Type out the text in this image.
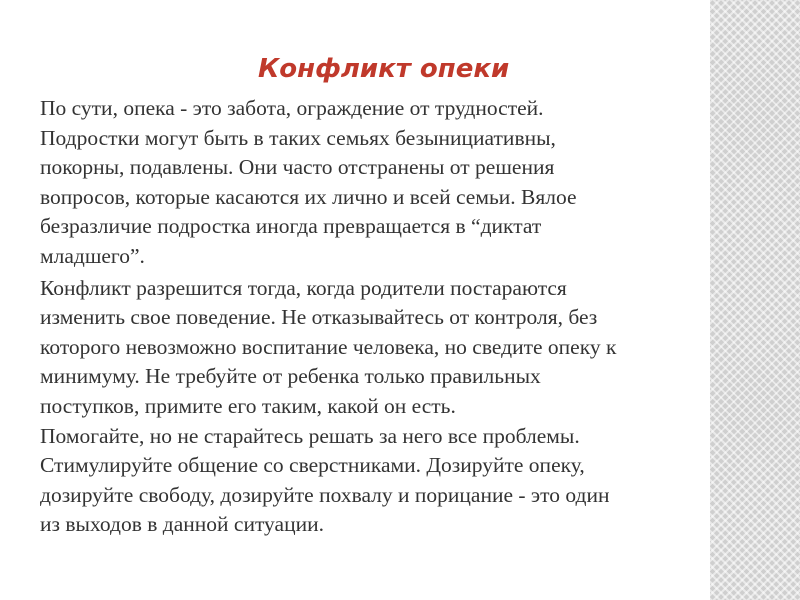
Конфликт опеки

По сути, опека - это забота, ограждение от трудностей.
Подростки могут быть в таких семьях безынициативны,
покорны, подавлены. Они часто отстранены от решения
вопросов, которые касаются их лично и всей семьи. Вялое
безразличие подростка иногда превращается в “диктат
младшего”.

Конфликт разрешится тогда, когда родители постараются
изменить свое поведение. Не отказывайтесь от контроля, без
которого невозможно воспитание человека, но сведите опеку к
минимуму. Не требуйте от ребенка только правильных
поступков, примите его таким, какой он есть.
Помогайте, но не старайтесь решать за него все проблемы.
Стимулируйте общение со сверстниками. Дозируйте опеку,
дозируйте свободу, дозируйте похвалу и порицание - это один
из выходов в данной ситуации.
